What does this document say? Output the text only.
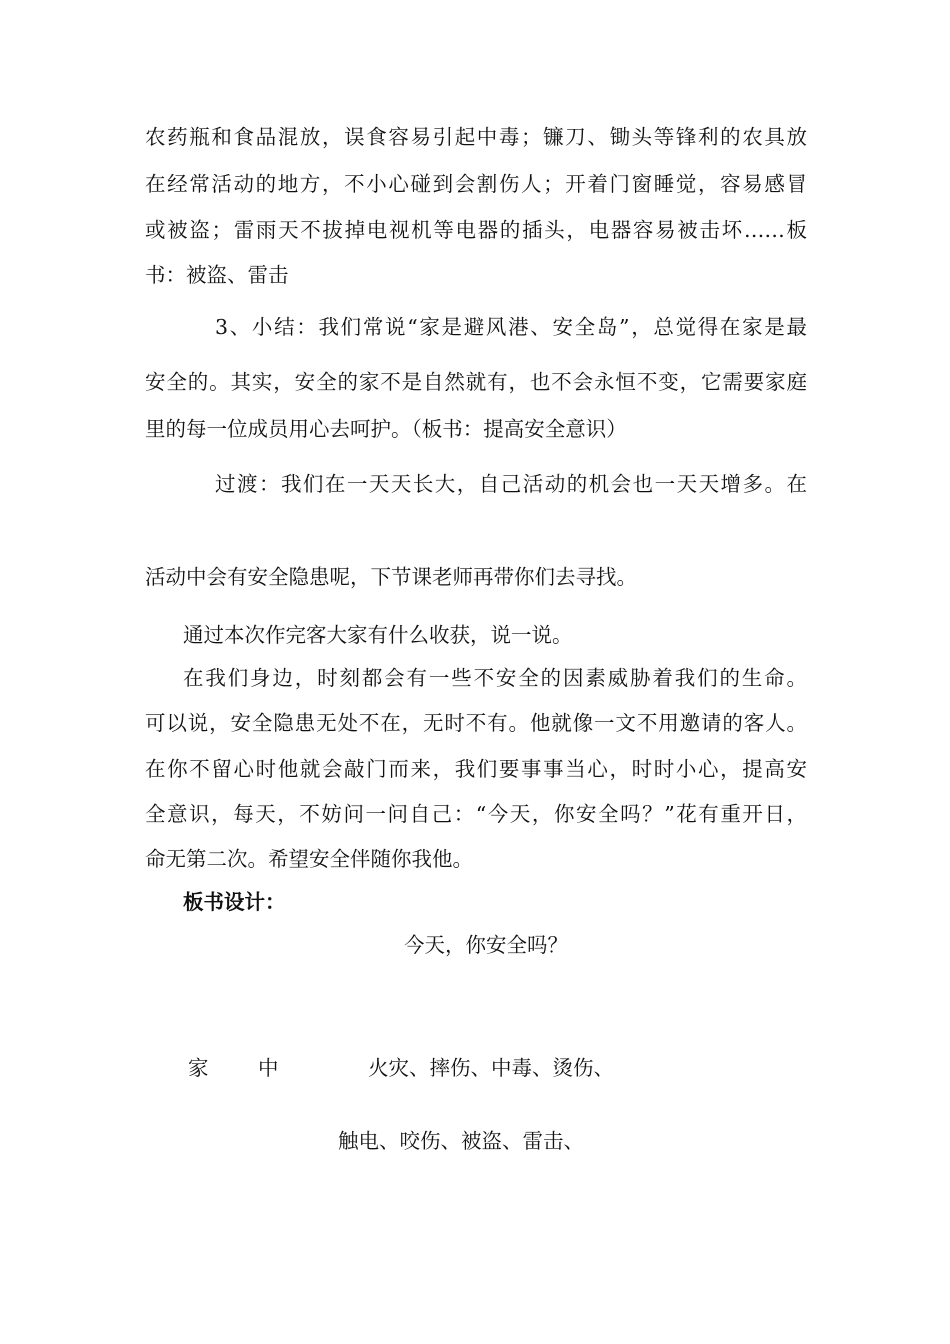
农药瓶和食品混放，误食容易引起中毒；镰刀、锄头等锋利的农具放
在经常活动的地方，不小心碰到会割伤人；开着门窗睡觉，容易感冒
或被盗；雷雨天不拔掉电视机等电器的插头，电器容易被击坏……板
书：被盗、雷击
3、小结：我们常说“家是避风港、安全岛”，总觉得在家是最
安全的。其实，安全的家不是自然就有，也不会永恒不变，它需要家庭
里的每一位成员用心去呵护。（板书：提高安全意识）
过渡：我们在一天天长大，自己活动的机会也一天天增多。在
活动中会有安全隐患呢，下节课老师再带你们去寻找。
通过本次作完客大家有什么收获，说一说。
在我们身边，时刻都会有一些不安全的因素威胁着我们的生命。
可以说，安全隐患无处不在，无时不有。他就像一文不用邀请的客人。
在你不留心时他就会敲门而来，我们要事事当心，时时小心，提高安
全意识，每天，不妨问一问自己：“今天，你安全吗？”花有重开日，
命无第二次。希望安全伴随你我他。
板书设计：
今天，你安全吗？
家 中	火灾、摔伤、中毒、烫伤、
触电、咬伤、被盗、雷击、
